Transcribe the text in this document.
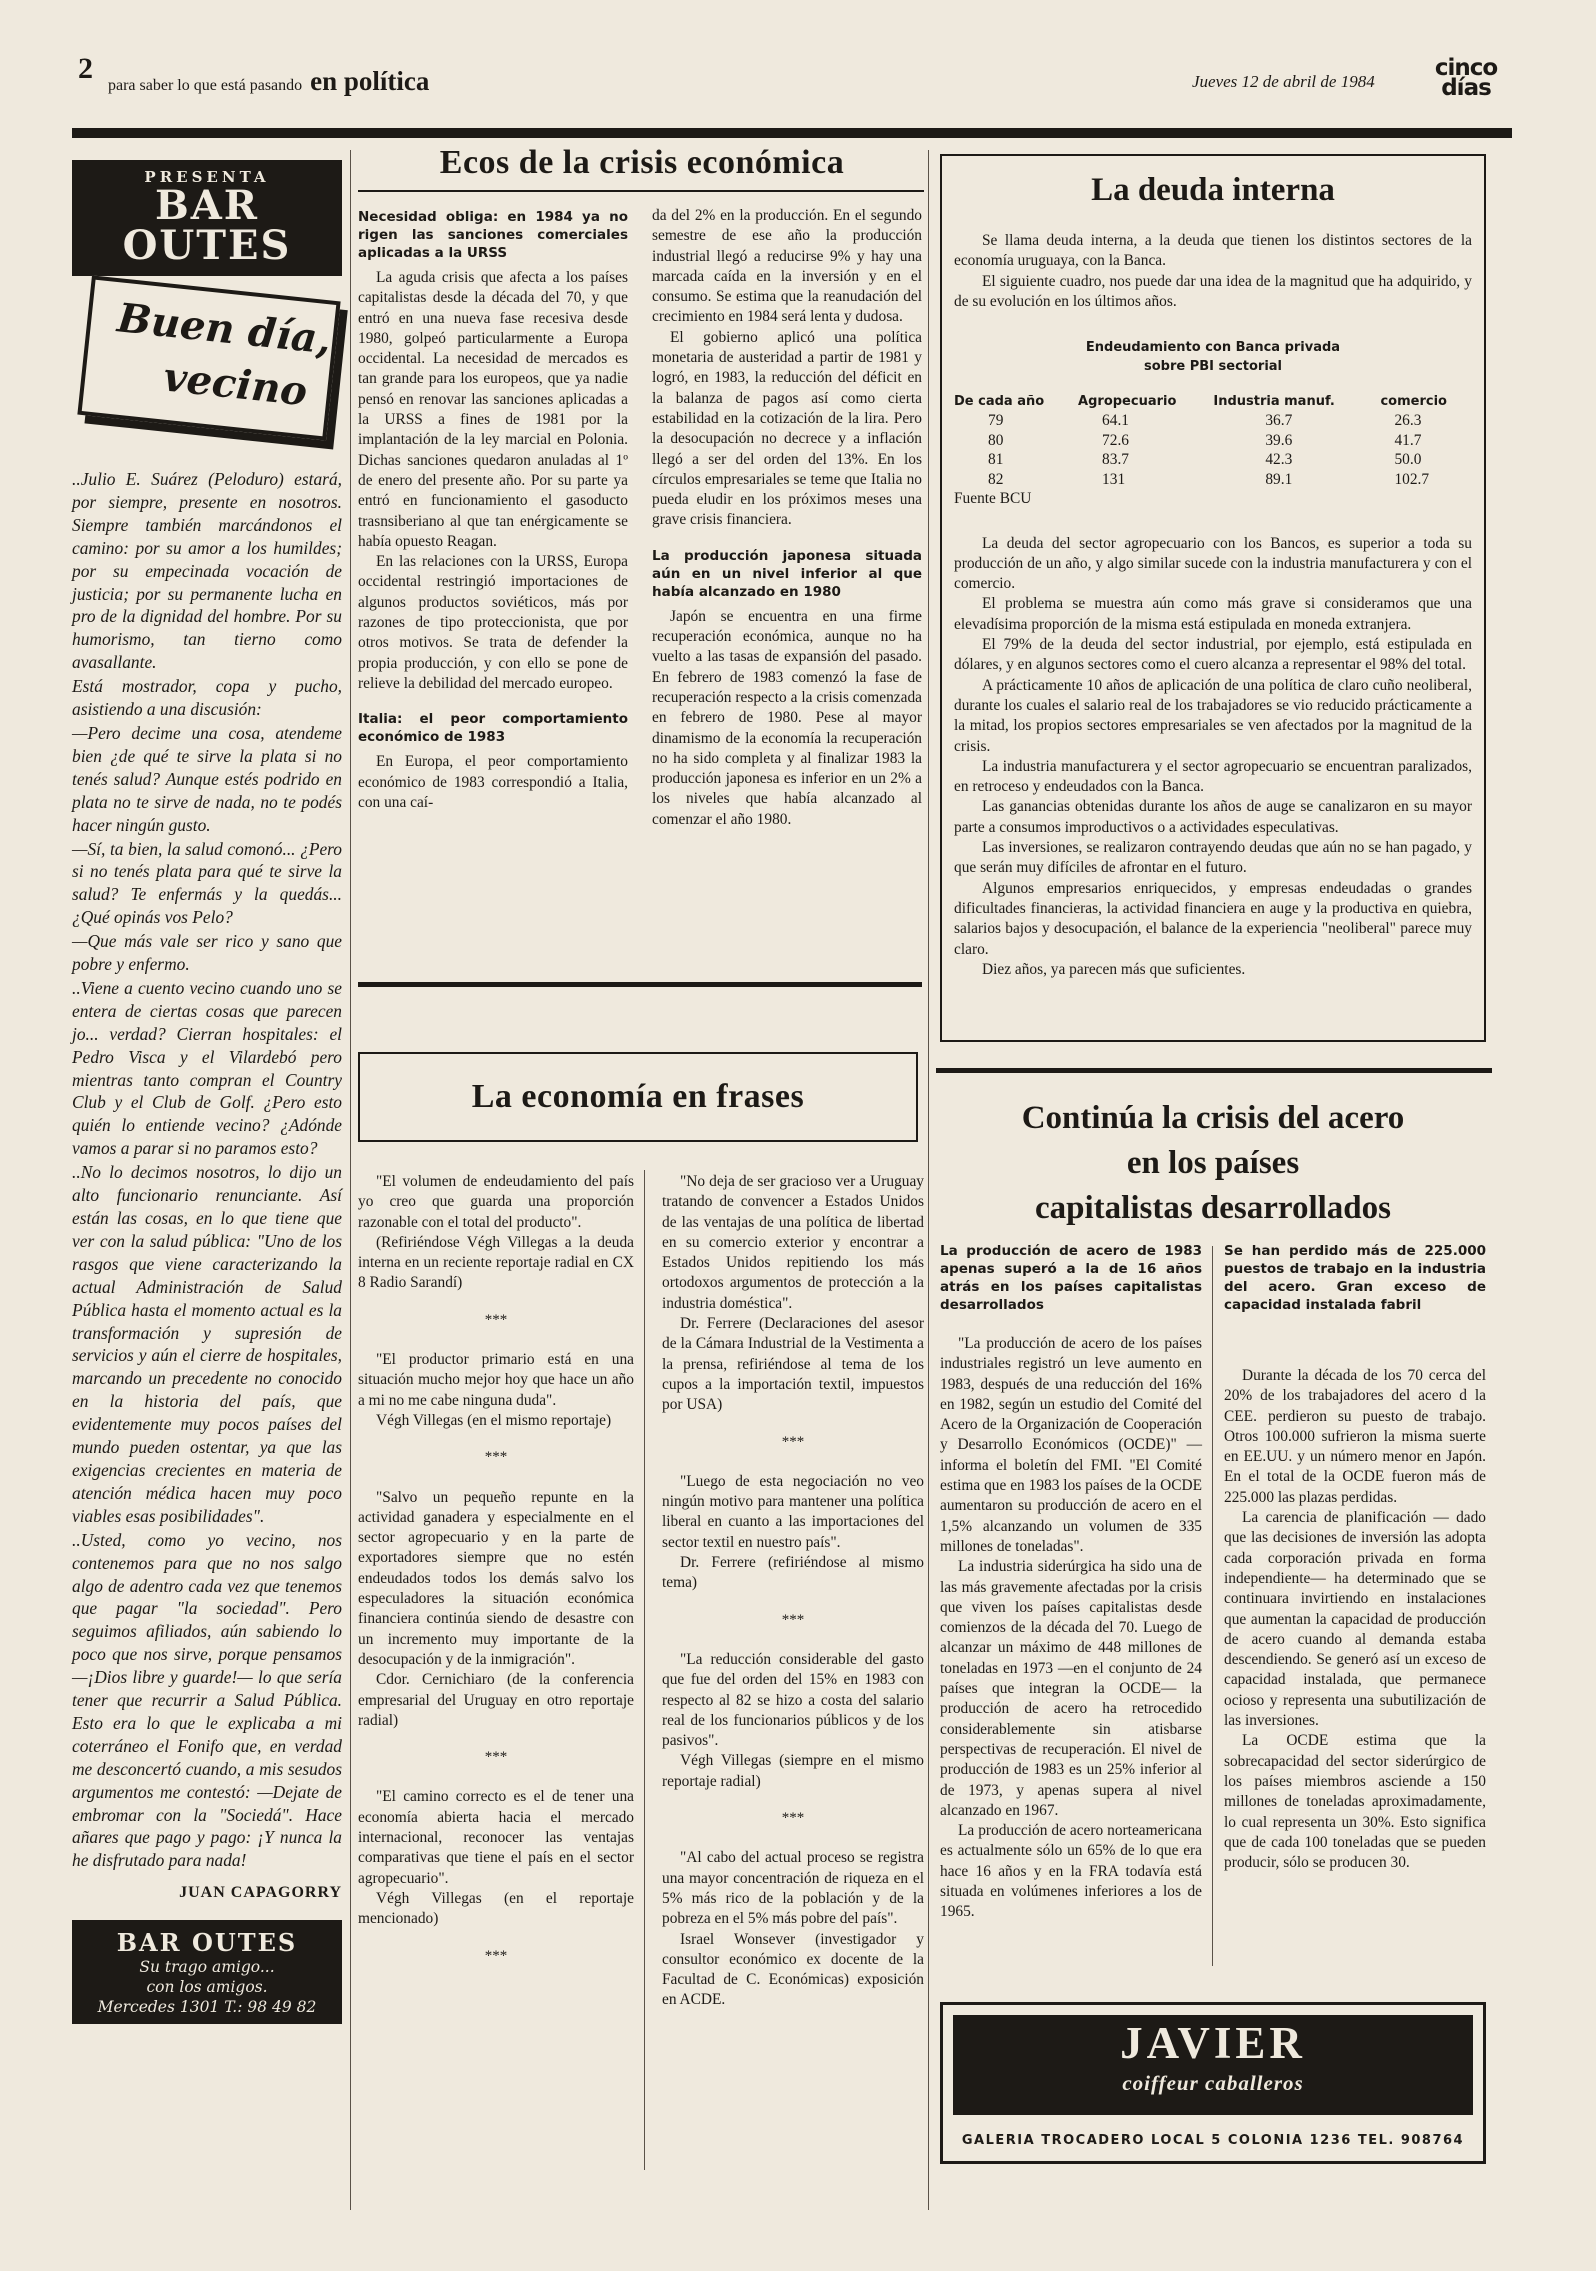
2
para saber lo que está pasando en política	Jueves 12 de abril de 1984
cinco días
PRESENTA
BAR
OUTES
Buen día,
vecino

..Julio E. Suárez (Peloduro) estará, por siempre, presente en nosotros. Siempre también marcándonos el camino: por su amor a los humildes; por su empecinada vocación de justicia; por su permanente lucha en pro de la dignidad del hombre. Por su humorismo, tan tierno como avasallante.

Está mostrador, copa y pucho, asistiendo a una discusión:

—Pero decime una cosa, atendeme bien ¿de qué te sirve la plata si no tenés salud? Aunque estés podrido en plata no te sirve de nada, no te podés hacer ningún gusto.

—Sí, ta bien, la salud comonó... ¿Pero si no tenés plata para qué te sirve la salud? Te enfermás y la quedás... ¿Qué opinás vos Pelo?

—Que más vale ser rico y sano que pobre y enfermo.

..Viene a cuento vecino cuando uno se entera de ciertas cosas que parecen jo... verdad? Cierran hospitales: el Pedro Visca y el Vilardebó pero mientras tanto compran el Country Club y el Club de Golf. ¿Pero esto quién lo entiende vecino? ¿Adónde vamos a parar si no paramos esto?

..No lo decimos nosotros, lo dijo un alto funcionario renunciante. Así están las cosas, en lo que tiene que ver con la salud pública: "Uno de los rasgos que viene caracterizando la actual Administración de Salud Pública hasta el momento actual es la transformación y supresión de servicios y aún el cierre de hospitales, marcando un precedente no conocido en la historia del país, que evidentemente muy pocos países del mundo pueden ostentar, ya que las exigencias crecientes en materia de atención médica hacen muy poco viables esas posibilidades".

..Usted, como yo vecino, nos contenemos para que no nos salgo algo de adentro cada vez que tenemos que pagar "la sociedad". Pero seguimos afiliados, aún sabiendo lo poco que nos sirve, porque pensamos —¡Dios libre y guarde!— lo que sería tener que recurrir a Salud Pública. Esto era lo que le explicaba a mi coterráneo el Fonifo que, en verdad me desconcertó cuando, a mis sesudos argumentos me contestó: —Dejate de embromar con la "Sociedá". Hace añares que pago y pago: ¡Y nunca la he disfrutado para nada!

JUAN CAPAGORRY
BAR OUTES
Su trago amigo...
con los amigos.
Mercedes 1301 T.: 98 49 82
Ecos de la crisis económica
Necesidad obliga: en 1984 ya no rigen las sanciones comerciales aplicadas a la URSS

La aguda crisis que afecta a los países capitalistas desde la década del 70, y que entró en una nueva fase recesiva desde 1980, golpeó particularmente a Europa occidental. La necesidad de mercados es tan grande para los europeos, que ya nadie pensó en renovar las sanciones aplicadas a la URSS a fines de 1981 por la implantación de la ley marcial en Polonia. Dichas sanciones quedaron anuladas al 1º de enero del presente año. Por su parte ya entró en funcionamiento el gasoducto trasnsiberiano al que tan enérgicamente se había opuesto Reagan.

En las relaciones con la URSS, Europa occidental restringió importaciones de algunos productos soviéticos, más por razones de tipo proteccionista, que por otros motivos. Se trata de defender la propia producción, y con ello se pone de relieve la debilidad del mercado europeo.

Italia: el peor comportamiento económico de 1983

En Europa, el peor comportamiento económico de 1983 correspondió a Italia, con una caí-

da del 2% en la producción. En el segundo semestre de ese año la producción industrial llegó a reducirse 9% y hay una marcada caída en la inversión y en el consumo. Se estima que la reanudación del crecimiento en 1984 será lenta y dudosa.

El gobierno aplicó una política monetaria de austeridad a partir de 1981 y logró, en 1983, la reducción del déficit en la balanza de pagos así como cierta estabilidad en la cotización de la lira. Pero la desocupación no decrece y a inflación llegó a ser del orden del 13%. En los círculos empresariales se teme que Italia no pueda eludir en los próximos meses una grave crisis financiera.

La producción japonesa situada aún en un nivel inferior al que había alcanzado en 1980

Japón se encuentra en una firme recuperación económica, aunque no ha vuelto a las tasas de expansión del pasado. En febrero de 1983 comenzó la fase de recuperación respecto a la crisis comenzada en febrero de 1980. Pese al mayor dinamismo de la economía la recuperación no ha sido completa y al finalizar 1983 la producción japonesa es inferior en un 2% a los niveles que había alcanzado al comenzar el año 1980.

La economía en frases

"El volumen de endeudamiento del país yo creo que guarda una proporción razonable con el total del producto".

(Refiriéndose Végh Villegas a la deuda interna en un reciente reportaje radial en CX 8 Radio Sarandí)

***

"El productor primario está en una situación mucho mejor hoy que hace un año a mi no me cabe ninguna duda".

Végh Villegas (en el mismo reportaje)

***

"Salvo un pequeño repunte en la actividad ganadera y especialmente en el sector agropecuario y en la parte de exportadores siempre que no estén endeudados todos los demás salvo los especuladores la situación económica financiera continúa siendo de desastre con un incremento muy importante de la desocupación y de la inmigración".

Cdor. Cernichiaro (de la conferencia empresarial del Uruguay en otro reportaje radial)

***

"El camino correcto es el de tener una economía abierta hacia el mercado internacional, reconocer las ventajas comparativas que tiene el país en el sector agropecuario".

Végh Villegas (en el reportaje mencionado)

***

"No deja de ser gracioso ver a Uruguay tratando de convencer a Estados Unidos de las ventajas de una política de libertad en su comercio exterior y encontrar a Estados Unidos repitiendo los más ortodoxos argumentos de protección a la industria doméstica".

Dr. Ferrere (Declaraciones del asesor de la Cámara Industrial de la Vestimenta a la prensa, refiriéndose al tema de los cupos a la importación textil, impuestos por USA)

***

"Luego de esta negociación no veo ningún motivo para mantener una política liberal en cuanto a las importaciones del sector textil en nuestro país".

Dr. Ferrere (refiriéndose al mismo tema)

***

"La reducción considerable del gasto que fue del orden del 15% en 1983 con respecto al 82 se hizo a costa del salario real de los funcionarios públicos y de los pasivos".

Végh Villegas (siempre en el mismo reportaje radial)

***

"Al cabo del actual proceso se registra una mayor concentración de riqueza en el 5% más rico de la población y de la pobreza en el 5% más pobre del país".

Israel Wonsever (investigador y consultor económico ex docente de la Facultad de C. Económicas) exposición en ACDE.

La deuda interna

Se llama deuda interna, a la deuda que tienen los distintos sectores de la economía uruguaya, con la Banca.

El siguiente cuadro, nos puede dar una idea de la magnitud que ha adquirido, y de su evolución en los últimos años.

Endeudamiento con Banca privada
sobre PBI sectorial
De cada año	Agropecuario	Industria manuf.	comercio
79	64.1	36.7	26.3
80	72.6	39.6	41.7
81	83.7	42.3	50.0
82	131	89.1	102.7
Fuente BCU

La deuda del sector agropecuario con los Bancos, es superior a toda su producción de un año, y algo similar sucede con la industria manufacturera y con el comercio.

El problema se muestra aún como más grave si consideramos que una elevadísima proporción de la misma está estipulada en moneda extranjera.

El 79% de la deuda del sector industrial, por ejemplo, está estipulada en dólares, y en algunos sectores como el cuero alcanza a representar el 98% del total.

A prácticamente 10 años de aplicación de una política de claro cuño neoliberal, durante los cuales el salario real de los trabajadores se vio reducido prácticamente a la mitad, los propios sectores empresariales se ven afectados por la magnitud de la crisis.

La industria manufacturera y el sector agropecuario se encuentran paralizados, en retroceso y endeudados con la Banca.

Las ganancias obtenidas durante los años de auge se canalizaron en su mayor parte a consumos improductivos o a actividades especulativas.

Las inversiones, se realizaron contrayendo deudas que aún no se han pagado, y que serán muy difíciles de afrontar en el futuro.

Algunos empresarios enriquecidos, y empresas endeudadas o grandes dificultades financieras, la actividad financiera en auge y la productiva en quiebra, salarios bajos y desocupación, el balance de la experiencia "neoliberal" parece muy claro.

Diez años, ya parecen más que suficientes.

Continúa la crisis del acero
en los países
capitalistas desarrollados
La producción de acero de 1983 apenas superó a la de 16 años atrás en los países capitalistas desarrollados

"La producción de acero de los países industriales registró un leve aumento en 1983, después de una reducción del 16% en 1982, según un estudio del Comité del Acero de la Organización de Cooperación y Desarrollo Económicos (OCDE)" —informa el boletín del FMI. "El Comité estima que en 1983 los países de la OCDE aumentaron su producción de acero en el 1,5% alcanzando un volumen de 335 millones de toneladas".

La industria siderúrgica ha sido una de las más gravemente afectadas por la crisis que viven los países capitalistas desde comienzos de la década del 70. Luego de alcanzar un máximo de 448 millones de toneladas en 1973 —en el conjunto de 24 países que integran la OCDE— la producción de acero ha retrocedido considerablemente sin atisbarse perspectivas de recuperación. El nivel de producción de 1983 es un 25% inferior al de 1973, y apenas supera al nivel alcanzado en 1967.

La producción de acero norteamericana es actualmente sólo un 65% de lo que era hace 16 años y en la FRA todavía está situada en volúmenes inferiores a los de 1965.

Se han perdido más de 225.000 puestos de trabajo en la industria del acero. Gran exceso de capacidad instalada fabril

Durante la década de los 70 cerca del 20% de los trabajadores del acero d la CEE. perdieron su puesto de trabajo. Otros 100.000 sufrieron la misma suerte en EE.UU. y un número menor en Japón. En el total de la OCDE fueron más de 225.000 las plazas perdidas.

La carencia de planificación — dado que las decisiones de inversión las adopta cada corporación privada en forma independiente— ha determinado que se continuara invirtiendo en instalaciones que aumentan la capacidad de producción de acero cuando al demanda estaba descendiendo. Se generó así un exceso de capacidad instalada, que permanece ocioso y representa una subutilización de las inversiones.

La OCDE estima que la sobrecapacidad del sector siderúrgico de los países miembros asciende a 150 millones de toneladas aproximadamente, lo cual representa un 30%. Esto significa que de cada 100 toneladas que se pueden producir, sólo se producen 30.

JAVIER
coiffeur caballeros
GALERIA TROCADERO LOCAL 5 COLONIA 1236 TEL. 908764
